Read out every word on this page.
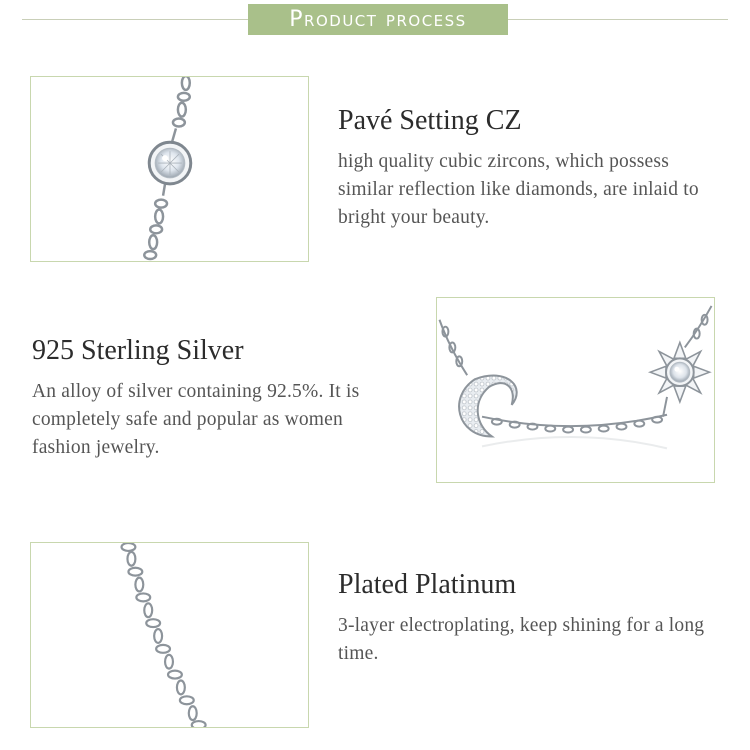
Product process
Pavé Setting CZ
high quality cubic zircons, which possess similar reflection like diamonds, are inlaid to bright your beauty.
925 Sterling Silver
An alloy of silver containing 92.5%. It is completely safe and popular as women fashion jewelry.
Plated Platinum
3-layer electroplating, keep shining for a long time.
